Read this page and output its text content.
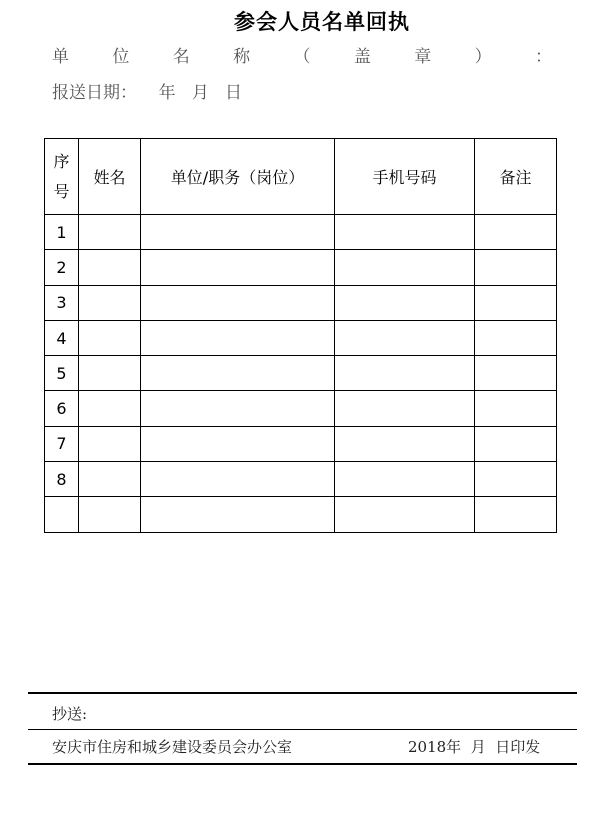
参会人员名单回执
单	位	名	称	（	盖	章	）	：
报送日期：    年   月   日
序
号	姓名	单位/职务（岗位）	手机号码	备注
1				
2				
3				
4				
5				
6				
7				
8				

抄送:
安庆市住房和城乡建设委员会办公室	2018年  月  日印发
